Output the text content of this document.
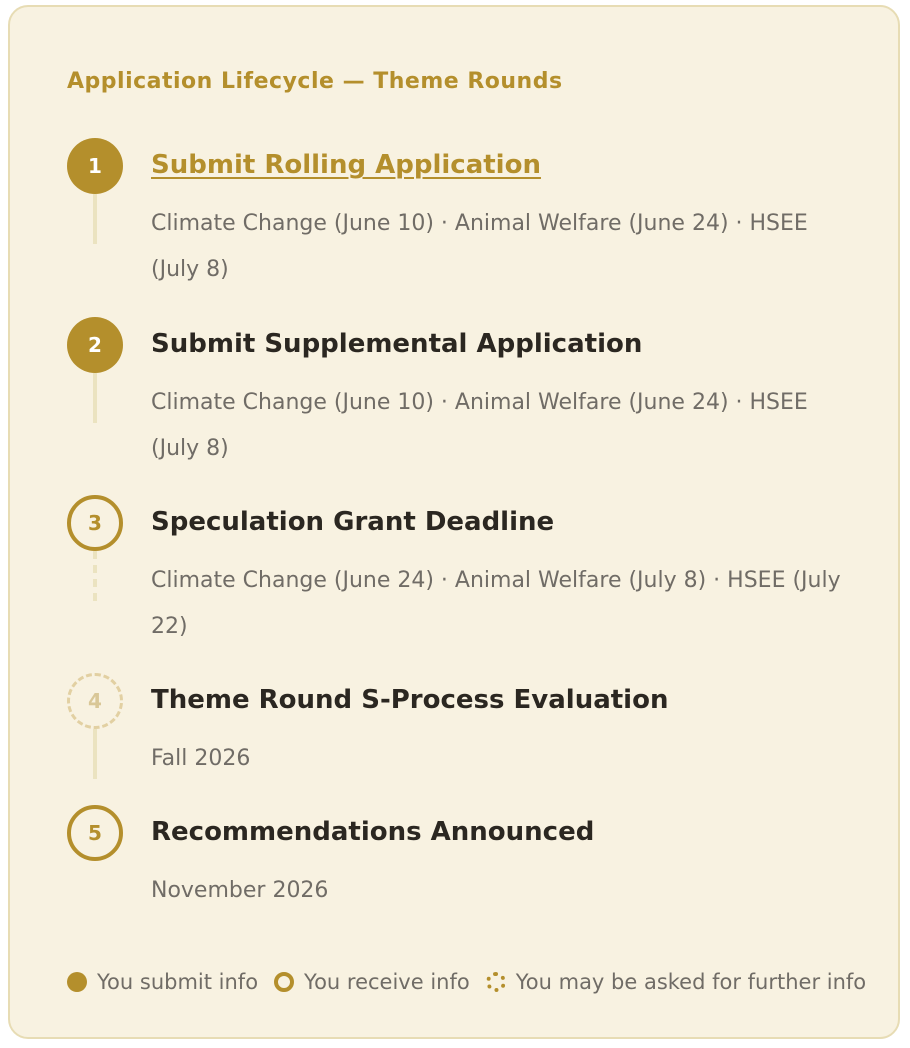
Application Lifecycle — Theme Rounds
1	Submit Rolling Application
Climate Change (June 10) · Animal Welfare (June 24) · HSEE (July 8)
2	Submit Supplemental Application
Climate Change (June 10) · Animal Welfare (June 24) · HSEE (July 8)
3	Speculation Grant Deadline
Climate Change (June 24) · Animal Welfare (July 8) · HSEE (July 22)
4	Theme Round S-Process Evaluation
Fall 2026
5	Recommendations Announced
November 2026
You submit info You receive info You may be asked for further info
